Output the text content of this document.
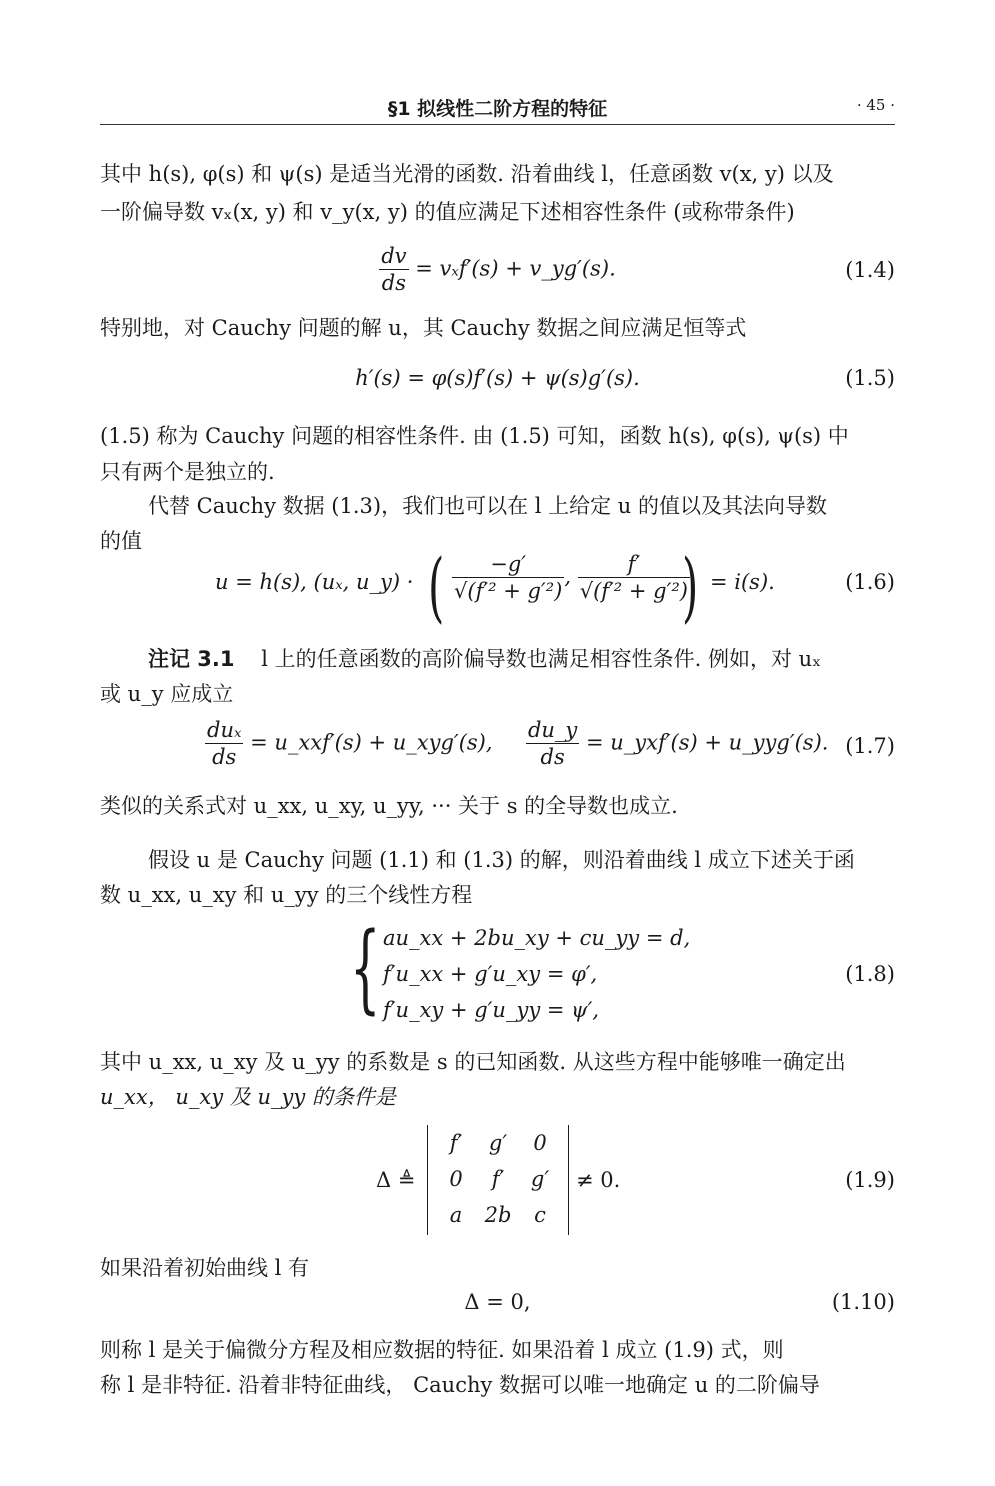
§1 拟线性二阶方程的特征	· 45 ·
其中 h(s), φ(s) 和 ψ(s) 是适当光滑的函数. 沿着曲线 l，任意函数 v(x, y) 以及
一阶偏导数 vₓ(x, y) 和 v_y(x, y) 的值应满足下述相容性条件 (或称带条件)
$\frac{dv}{ds} = v_xf'(s)$ + v_yg′(s).	(1.4)
特别地，对 Cauchy 问题的解 u，其 Cauchy 数据之间应满足恒等式
h′(s) = φ(s)f′(s) + ψ(s)g′(s).	(1.5)
(1.5) 称为 Cauchy 问题的相容性条件. 由 (1.5) 可知，函数 h(s), φ(s), ψ(s) 中
只有两个是独立的.
代替 Cauchy 数据 (1.3)，我们也可以在 l 上给定 u 的值以及其法向导数
的值
u = h(s), (uₓ, u_y) · ( $\frac{-g'}{\text{√(f′² + g′²)}}$ , $\frac{f'}{\text{√(f′² + g′²)}}$
) = i(s).	(1.6)
注记 3.1 l 上的任意函数的高阶偏导数也满足相容性条件. 例如，对 uₓ
或 u_y 应成立
$\frac{\text{duₓ}}{ds}$ = u_xxf′(s) + u_xyg′(s), $\frac{du\_y}{ds}$ = u_yxf′(s) + u_yyg′(s). (1.7)
类似的关系式对 u_xx, u_xy, u_yy, ··· 关于 s 的全导数也成立.
假设 u 是 Cauchy 问题 (1.1) 和 (1.3) 的解，则沿着曲线 l 成立下述关于函
数 u_xx, u_xy 和 u_yy 的三个线性方程
{ au_xx + 2bu_xy + cu_yy = d,
f′u_xx + g′u_xy = φ′,
f′u_xy + g′u_yy = ψ′,
(1.8)
其中 u_xx, u_xy 及 u_yy 的系数是 s 的已知函数. 从这些方程中能够唯一确定出
u_xx， u_xy 及 u_yy 的条件是
Δ ≜
f′	g′	0
0	f′	g′
a	2b	c
≠ 0.	(1.9)
如果沿着初始曲线 l 有
Δ = 0,	(1.10)
则称 l 是关于偏微分方程及相应数据的特征. 如果沿着 l 成立 (1.9) 式，则
称 l 是非特征. 沿着非特征曲线， Cauchy 数据可以唯一地确定 u 的二阶偏导
